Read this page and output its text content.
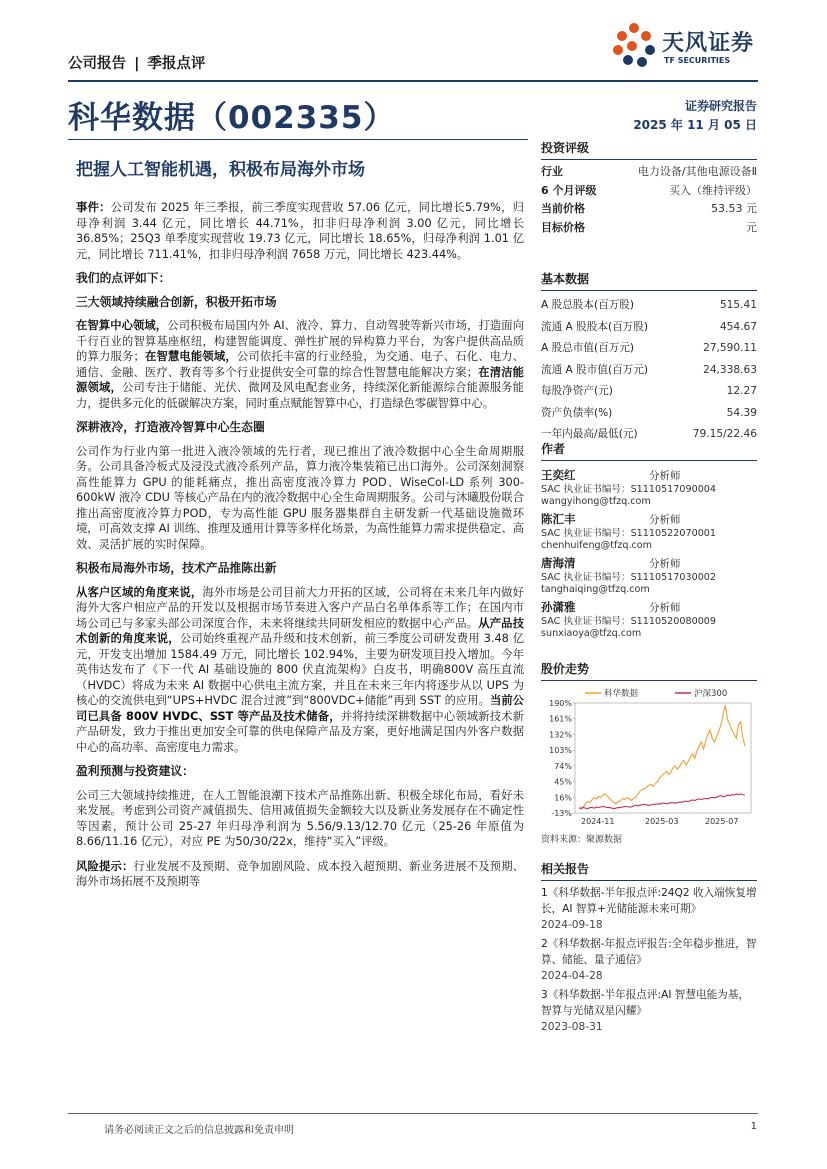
公司报告 | 季报点评
天风证券
TF SECURITIES
科华数据（002335）	证券研究报告
2025 年 11 月 05 日
把握人工智能机遇，积极布局海外市场

事件：公司发布 2025 年三季报，前三季度实现营收 57.06 亿元，同比增长5.79%，归母净利润 3.44 亿元，同比增长 44.71%，扣非归母净利润 3.00 亿元，同比增长 36.85%；25Q3 单季度实现营收 19.73 亿元，同比增长 18.65%，归母净利润 1.01 亿元，同比增长 711.41%，扣非归母净利润 7658 万元，同比增长 423.44%。

我们的点评如下：
三大领域持续融合创新，积极开拓市场

在智算中心领域，公司积极布局国内外 AI、液冷、算力、自动驾驶等新兴市场，打造面向千行百业的智算基座枢纽，构建智能调度、弹性扩展的异构算力平台，为客户提供高品质的算力服务；在智慧电能领域，公司依托丰富的行业经验，为交通、电子、石化、电力、通信、金融、医疗、教育等多个行业提供安全可靠的综合性智慧电能解决方案；在清洁能源领域，公司专注于储能、光伏、微网及风电配套业务，持续深化新能源综合能源服务能力，提供多元化的低碳解决方案，同时重点赋能智算中心，打造绿色零碳智算中心。

深耕液冷，打造液冷智算中心生态圈

公司作为行业内第一批进入液冷领域的先行者，现已推出了液冷数据中心全生命周期服务。公司具备冷板式及浸没式液冷系列产品，算力液冷集装箱已出口海外。公司深刻洞察高性能算力 GPU 的能耗痛点，推出高密度液冷算力 POD、WiseCol-LD 系列 300-600kW 液冷 CDU 等核心产品在内的液冷数据中心全生命周期服务。公司与沐曦股份联合推出高密度液冷算力POD，专为高性能 GPU 服务器集群自主研发新一代基础设施微环境，可高效支撑 AI 训练、推理及通用计算等多样化场景，为高性能算力需求提供稳定、高效、灵活扩展的实时保障。

积极布局海外市场，技术产品推陈出新

从客户区域的角度来说，海外市场是公司目前大力开拓的区域，公司将在未来几年内做好海外大客户相应产品的开发以及根据市场节奏进入客户产品白名单体系等工作；在国内市场公司已与多家头部公司深度合作，未来将继续共同研发相应的数据中心产品。从产品技术创新的角度来说，公司始终重视产品升级和技术创新，前三季度公司研发费用 3.48 亿元，开发支出增加 1584.49 万元，同比增长 102.94%，主要为研发项目投入增加。今年英伟达发布了《下一代 AI 基础设施的 800 伏直流架构》白皮书，明确800V 高压直流（HVDC）将成为未来 AI 数据中心供电主流方案，并且在未来三年内将逐步从以 UPS 为核心的交流供电到“UPS+HVDC 混合过渡”到“800VDC+储能”再到 SST 的应用。当前公司已具备 800V HVDC、SST 等产品及技术储备，并将持续深耕数据中心领域新技术新产品研发，致力于推出更加安全可靠的供电保障产品及方案，更好地满足国内外客户数据中心的高功率、高密度电力需求。

盈利预测与投资建议：

公司三大领域持续推进，在人工智能浪潮下技术产品推陈出新、积极全球化布局，看好未来发展。考虑到公司资产减值损失、信用减值损失金额较大以及新业务发展存在不确定性等因素，预计公司 25-27 年归母净利润为 5.56/9.13/12.70 亿元（25-26 年原值为 8.66/11.16 亿元），对应 PE 为50/30/22x，维持“买入”评级。

风险提示：行业发展不及预期、竞争加剧风险、成本投入超预期、新业务进展不及预期、海外市场拓展不及预期等

投资评级
行业	电力设备/其他电源设备Ⅱ
6 个月评级	买入（维持评级）
当前价格	53.53 元
目标价格	元
基本数据
A 股总股本(百万股)	515.41
流通 A 股股本(百万股)	454.67
A 股总市值(百万元)	27,590.11
流通 A 股市值(百万元)	24,338.63
每股净资产(元)	12.27
资产负债率(%)	54.39
一年内最高/最低(元)	79.15/22.46
作者
王奕红	分析师
SAC 执业证书编号：S1110517090004
wangyihong@tfzq.com
陈汇丰	分析师
SAC 执业证书编号：S1110522070001
chenhuifeng@tfzq.com
唐海清	分析师
SAC 执业证书编号：S1110517030002
tanghaiqing@tfzq.com
孙潇雅	分析师
SAC 执业证书编号：S1110520080009
sunxiaoya@tfzq.com
股价走势
科华数据	沪深300
190%
161%
132%
103%
74%
45%
16%
-13%
2024-11	2025-03	2025-07
资料来源：聚源数据
相关报告
1《科华数据-半年报点评:24Q2 收入端恢复增长，AI 智算+光储能源未来可期》
2024-09-18
2《科华数据-年报点评报告:全年稳步推进，智算、储能、量子通信》
2024-04-28
3《科华数据-半年报点评:AI 智慧电能为基，智算与光储双星闪耀》
2023-08-31
请务必阅读正文之后的信息披露和免责申明	1
